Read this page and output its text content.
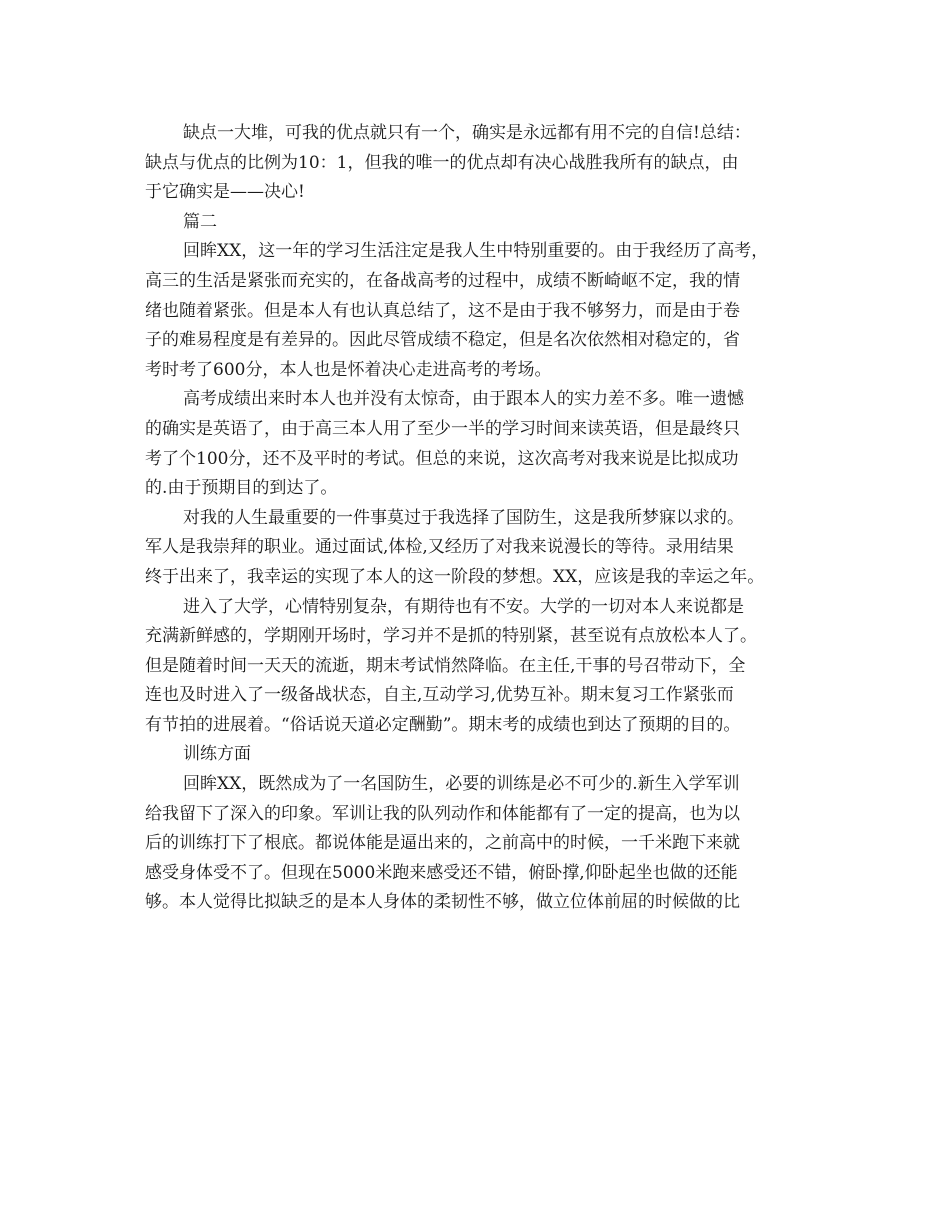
缺点一大堆，可我的优点就只有一个，确实是永远都有用不完的自信!总结：
缺点与优点的比例为10：1，但我的唯一的优点却有决心战胜我所有的缺点，由
于它确实是——决心!
篇二
回眸XX，这一年的学习生活注定是我人生中特别重要的。由于我经历了高考，
高三的生活是紧张而充实的，在备战高考的过程中，成绩不断崎岖不定，我的情
绪也随着紧张。但是本人有也认真总结了，这不是由于我不够努力，而是由于卷
子的难易程度是有差异的。因此尽管成绩不稳定，但是名次依然相对稳定的，省
考时考了600分，本人也是怀着决心走进高考的考场。
高考成绩出来时本人也并没有太惊奇，由于跟本人的实力差不多。唯一遗憾
的确实是英语了，由于高三本人用了至少一半的学习时间来读英语，但是最终只
考了个100分，还不及平时的考试。但总的来说，这次高考对我来说是比拟成功
的.由于预期目的到达了。
对我的人生最重要的一件事莫过于我选择了国防生，这是我所梦寐以求的。
军人是我崇拜的职业。通过面试,体检,又经历了对我来说漫长的等待。录用结果
终于出来了，我幸运的实现了本人的这一阶段的梦想。XX，应该是我的幸运之年。
进入了大学，心情特别复杂，有期待也有不安。大学的一切对本人来说都是
充满新鲜感的，学期刚开场时，学习并不是抓的特别紧，甚至说有点放松本人了。
但是随着时间一天天的流逝，期末考试悄然降临。在主任,干事的号召带动下，全
连也及时进入了一级备战状态，自主,互动学习,优势互补。期末复习工作紧张而
有节拍的进展着。“俗话说天道必定酬勤”。期末考的成绩也到达了预期的目的。
训练方面
回眸XX，既然成为了一名国防生，必要的训练是必不可少的.新生入学军训
给我留下了深入的印象。军训让我的队列动作和体能都有了一定的提高，也为以
后的训练打下了根底。都说体能是逼出来的，之前高中的时候，一千米跑下来就
感受身体受不了。但现在5000米跑来感受还不错，俯卧撑,仰卧起坐也做的还能
够。本人觉得比拟缺乏的是本人身体的柔韧性不够，做立位体前屈的时候做的比
